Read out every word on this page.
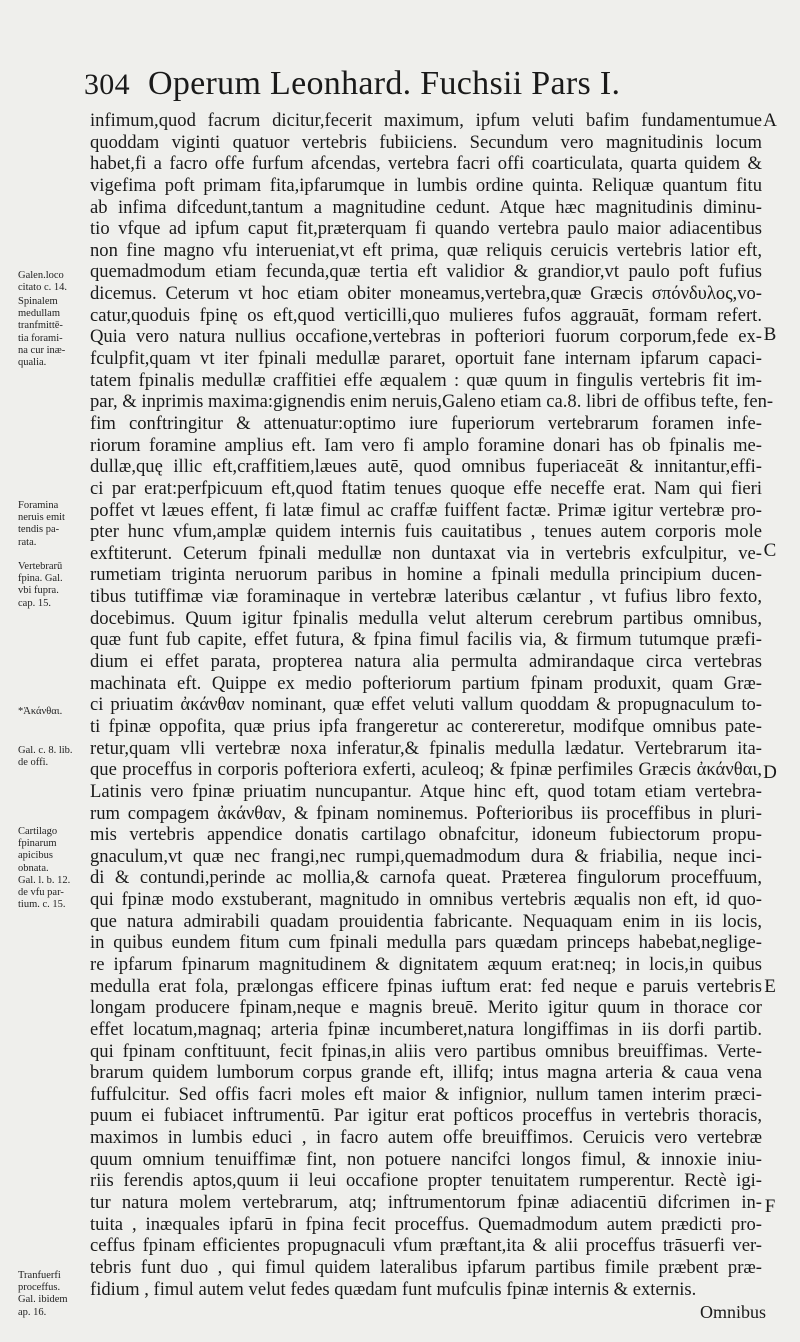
304 Operum Leonhard. Fuchsii Pars I.
infimum,quod facrum dicitur,fecerit maximum, ipfum veluti bafim fundamentumue
quoddam viginti quatuor vertebris fubiiciens. Secundum vero magnitudinis locum
habet,fi a facro offe furfum afcendas, vertebra facri offi coarticulata, quarta quidem &
vigefima poft primam fita,ipfarumque in lumbis ordine quinta. Reliquæ quantum fitu
ab infima difcedunt,tantum a magnitudine cedunt. Atque hæc magnitudinis diminu-
tio vfque ad ipfum caput fit,præterquam fi quando vertebra paulo maior adiacentibus
non fine magno vfu interueniat,vt eft prima, quæ reliquis ceruicis vertebris latior eft,
quemadmodum etiam fecunda,quæ tertia eft validior & grandior,vt paulo poft fufius
dicemus. Ceterum vt hoc etiam obiter moneamus,vertebra,quæ Græcis σπόνδυλος,vo-
catur,quoduis fpinę os eft,quod verticilli,quo mulieres fufos aggrauāt, formam refert.
Quia vero natura nullius occafione,vertebras in pofteriori fuorum corporum,fede ex-
fculpfit,quam vt iter fpinali medullæ pararet, oportuit fane internam ipfarum capaci-
tatem fpinalis medullæ craffitiei effe æqualem : quæ quum in fingulis vertebris fit im-
par, & inprimis maxima:gignendis enim neruis,Galeno etiam ca.8. libri de offibus tefte, fen-
fim conftringitur & attenuatur:optimo iure fuperiorum vertebrarum foramen infe-
riorum foramine amplius eft. Iam vero fi amplo foramine donari has ob fpinalis me-
dullæ,quę illic eft,craffitiem,læues autē, quod omnibus fuperiaceāt & innitantur,effi-
ci par erat:perfpicuum eft,quod ftatim tenues quoque effe neceffe erat. Nam qui fieri
poffet vt læues effent, fi latæ fimul ac craffæ fuiffent factæ. Primæ igitur vertebræ pro-
pter hunc vfum,amplæ quidem internis fuis cauitatibus , tenues autem corporis mole
exftiterunt. Ceterum fpinali medullæ non duntaxat via in vertebris exfculpitur, ve-
rumetiam triginta neruorum paribus in homine a fpinali medulla principium ducen-
tibus tutiffimæ viæ foraminaque in vertebræ lateribus cælantur , vt fufius libro fexto,
docebimus. Quum igitur fpinalis medulla velut alterum cerebrum partibus omnibus,
quæ funt fub capite, effet futura, & fpina fimul facilis via, & firmum tutumque præfi-
dium ei effet parata, propterea natura alia permulta admirandaque circa vertebras
machinata eft. Quippe ex medio pofteriorum partium fpinam produxit, quam Græ-
ci priuatim ἀκάνθαν nominant, quæ effet veluti vallum quoddam & propugnaculum to-
ti fpinæ oppofita, quæ prius ipfa frangeretur ac contereretur, modifque omnibus pate-
retur,quam vlli vertebræ noxa inferatur,& fpinalis medulla lædatur. Vertebrarum ita-
que proceffus in corporis pofteriora exferti, aculeoq; & fpinæ perfimiles Græcis ἀκάνθαι,
Latinis vero fpinæ priuatim nuncupantur. Atque hinc eft, quod totam etiam vertebra-
rum compagem ἀκάνθαν, & fpinam nominemus. Pofterioribus iis proceffibus in pluri-
mis vertebris appendice donatis cartilago obnafcitur, idoneum fubiectorum propu-
gnaculum,vt quæ nec frangi,nec rumpi,quemadmodum dura & friabilia, neque inci-
di & contundi,perinde ac mollia,& carnofa queat. Præterea fingulorum proceffuum,
qui fpinæ modo exstuberant, magnitudo in omnibus vertebris æqualis non eft, id quo-
que natura admirabili quadam prouidentia fabricante. Nequaquam enim in iis locis,
in quibus eundem fitum cum fpinali medulla pars quædam princeps habebat,neglige-
re ipfarum fpinarum magnitudinem & dignitatem æquum erat:neq; in locis,in quibus
medulla erat fola, prælongas efficere fpinas iuftum erat: fed neque e paruis vertebris
longam producere fpinam,neque e magnis breuē. Merito igitur quum in thorace cor
effet locatum,magnaq; arteria fpinæ incumberet,natura longiffimas in iis dorfi partib.
qui fpinam conftituunt, fecit fpinas,in aliis vero partibus omnibus breuiffimas. Verte-
brarum quidem lumborum corpus grande eft, illifq; intus magna arteria & caua vena
fuffulcitur. Sed offis facri moles eft maior & infignior, nullum tamen interim præci-
puum ei fubiacet inftrumentū. Par igitur erat pofticos proceffus in vertebris thoracis,
maximos in lumbis educi , in facro autem offe breuiffimos. Ceruicis vero vertebræ
quum omnium tenuiffimæ fint, non potuere nancifci longos fimul, & innoxie iniu-
riis ferendis aptos,quum ii leui occafione propter tenuitatem rumperentur. Rectè igi-
tur natura molem vertebrarum, atq; inftrumentorum fpinæ adiacentiū difcrimen in-
tuita , inæquales ipfarū in fpina fecit proceffus. Quemadmodum autem prædicti pro-
ceffus fpinam efficientes propugnaculi vfum præftant,ita & alii proceffus trāsuerfi ver-
tebris funt duo , qui fimul quidem lateralibus ipfarum partibus fimile præbent præ-
fidium , fimul autem velut fedes quædam funt mufculis fpinæ internis & externis.
Galen.loco
citato c. 14.
Spinalem
medullam
tranfmittē-
tia forami-
na cur inæ-
qualia.
Foramina
neruis emit
tendis pa-
rata.
Vertebrarū
fpina. Gal.
vbi fupra.
cap. 15.
*Ἀκάνθαι.
Gal. c. 8. lib.
de offi.
Cartilago
fpinarum
apicibus
obnata.
Gal. l. b. 12.
de vfu par-
tium. c. 15.
Tranfuerfi
proceffus.
Gal. ibidem
ap. 16.
A
B
C
D
E
F
Omnibus
